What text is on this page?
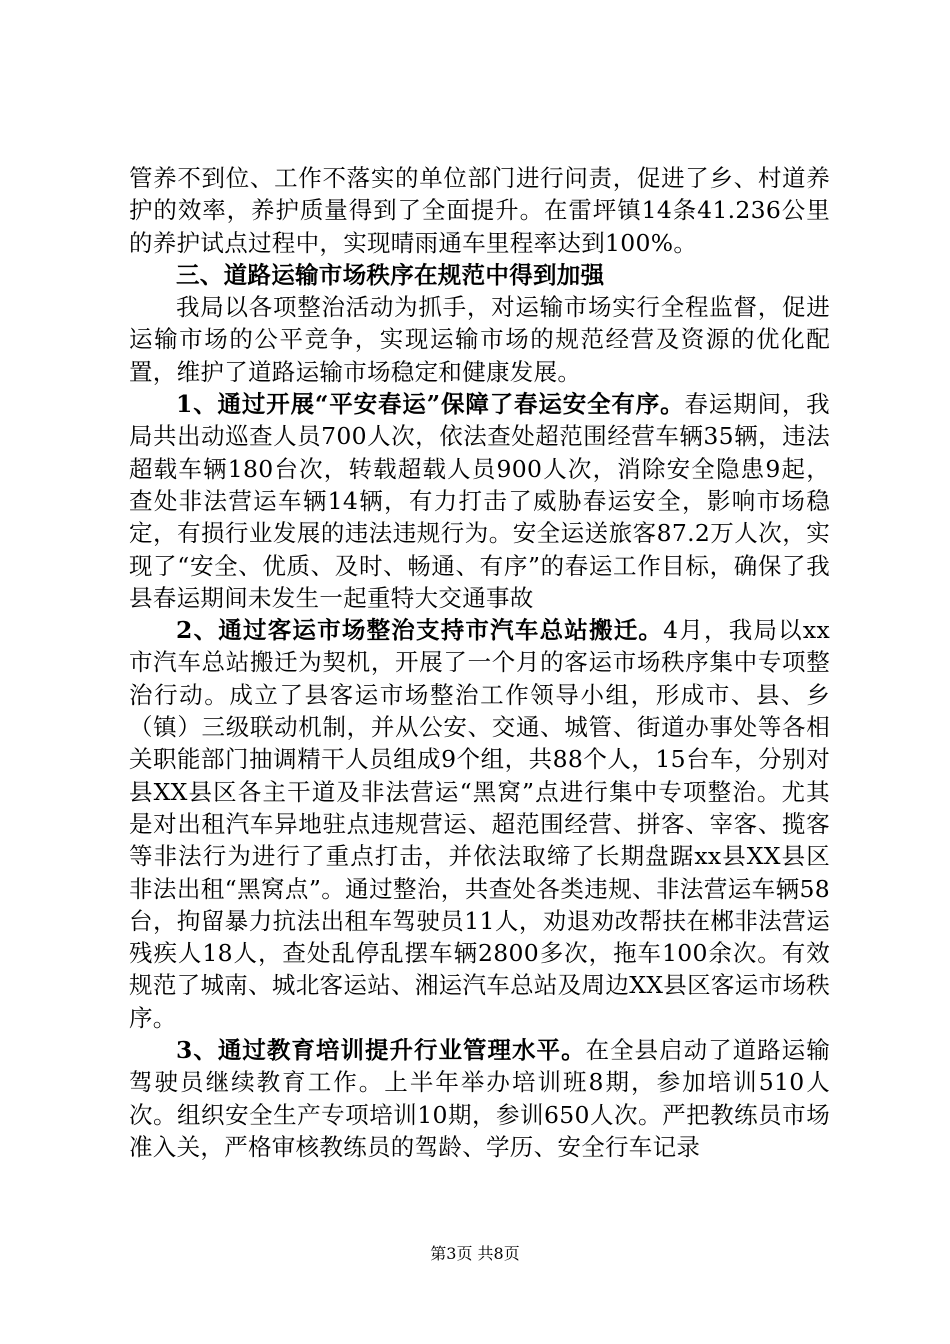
管养不到位、工作不落实的单位部门进行问责，促进了乡、村道养护的效率，养护质量得到了全面提升。在雷坪镇14条41.236公里的养护试点过程中，实现晴雨通车里程率达到100%。

三、道路运输市场秩序在规范中得到加强

我局以各项整治活动为抓手，对运输市场实行全程监督，促进运输市场的公平竞争，实现运输市场的规范经营及资源的优化配置，维护了道路运输市场稳定和健康发展。

1、通过开展“平安春运”保障了春运安全有序。春运期间，我局共出动巡查人员700人次，依法查处超范围经营车辆35辆，违法超载车辆180台次，转载超载人员900人次，消除安全隐患9起，查处非法营运车辆14辆，有力打击了威胁春运安全，影响市场稳定，有损行业发展的违法违规行为。安全运送旅客87.2万人次，实现了“安全、优质、及时、畅通、有序”的春运工作目标，确保了我县春运期间未发生一起重特大交通事故

2、通过客运市场整治支持市汽车总站搬迁。4月，我局以xx市汽车总站搬迁为契机，开展了一个月的客运市场秩序集中专项整治行动。成立了县客运市场整治工作领导小组，形成市、县、乡（镇）三级联动机制，并从公安、交通、城管、街道办事处等各相关职能部门抽调精干人员组成9个组，共88个人，15台车，分别对县XX县区各主干道及非法营运“黑窝”点进行集中专项整治。尤其是对出租汽车异地驻点违规营运、超范围经营、拼客、宰客、揽客等非法行为进行了重点打击，并依法取缔了长期盘踞xx县XX县区非法出租“黑窝点”。通过整治，共查处各类违规、非法营运车辆58台，拘留暴力抗法出租车驾驶员11人，劝退劝改帮扶在郴非法营运残疾人18人，查处乱停乱摆车辆2800多次，拖车100余次。有效规范了城南、城北客运站、湘运汽车总站及周边XX县区客运市场秩序。

3、通过教育培训提升行业管理水平。在全县启动了道路运输驾驶员继续教育工作。上半年举办培训班8期，参加培训510人次。组织安全生产专项培训10期，参训650人次。严把教练员市场准入关，严格审核教练员的驾龄、学历、安全行车记录

第3页 共8页
